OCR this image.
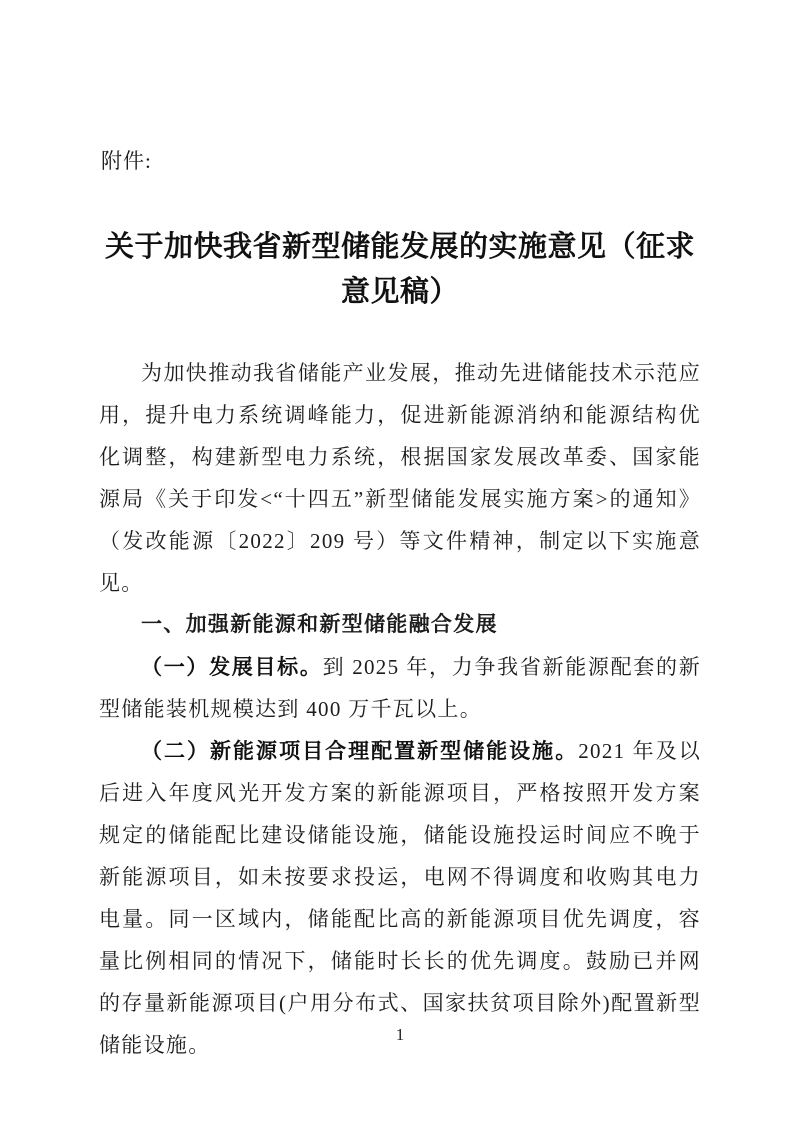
附件:
关于加快我省新型储能发展的实施意见（征求意见稿）

为加快推动我省储能产业发展，推动先进储能技术示范应用，提升电力系统调峰能力，促进新能源消纳和能源结构优化调整，构建新型电力系统，根据国家发展改革委、国家能源局《关于印发<“十四五”新型储能发展实施方案>的通知》（发改能源〔2022〕209 号）等文件精神，制定以下实施意见。

一、加强新能源和新型储能融合发展

（一）发展目标。到 2025 年，力争我省新能源配套的新型储能装机规模达到 400 万千瓦以上。

（二）新能源项目合理配置新型储能设施。2021 年及以后进入年度风光开发方案的新能源项目，严格按照开发方案规定的储能配比建设储能设施，储能设施投运时间应不晚于新能源项目，如未按要求投运，电网不得调度和收购其电力电量。同一区域内，储能配比高的新能源项目优先调度，容量比例相同的情况下，储能时长长的优先调度。鼓励已并网的存量新能源项目(户用分布式、国家扶贫项目除外)配置新型储能设施。	1
